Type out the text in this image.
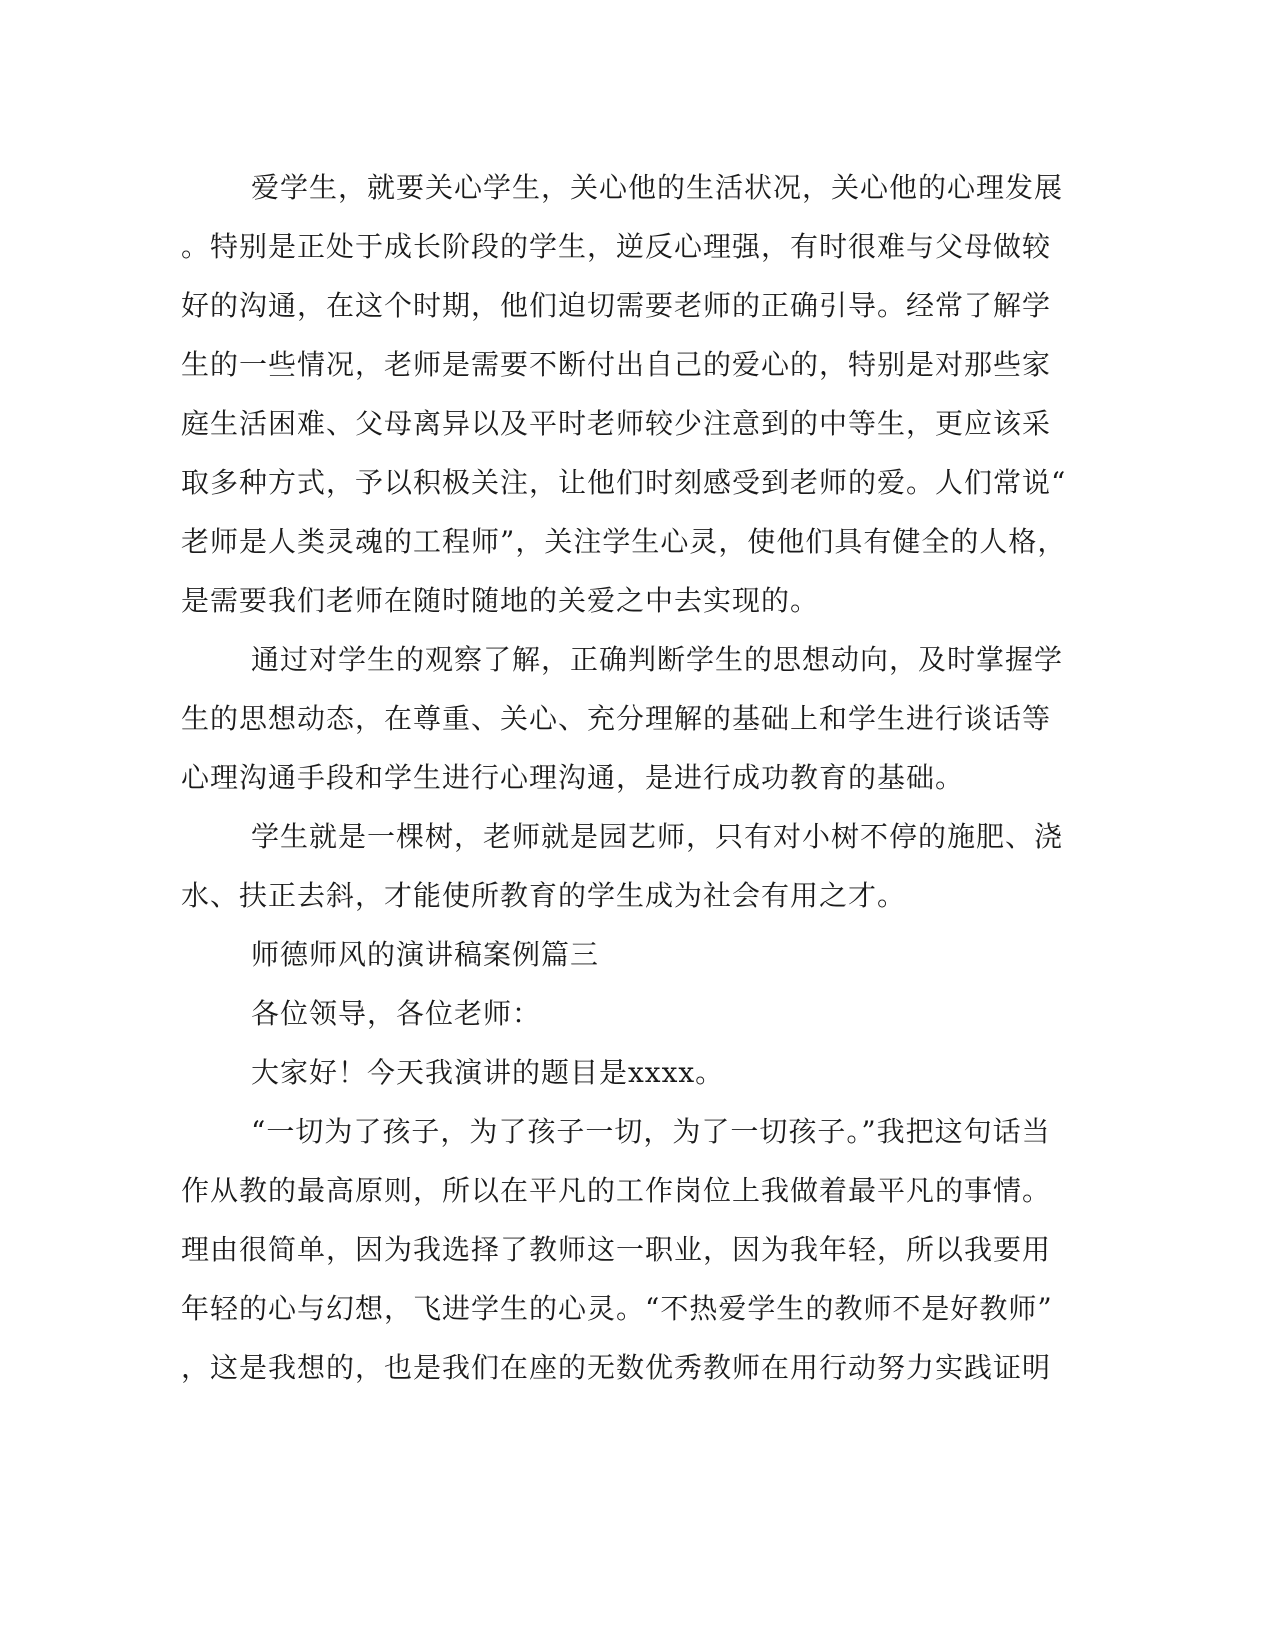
爱学生，就要关心学生，关心他的生活状况，关心他的心理发展
。特别是正处于成长阶段的学生，逆反心理强，有时很难与父母做较
好的沟通，在这个时期，他们迫切需要老师的正确引导。经常了解学
生的一些情况，老师是需要不断付出自己的爱心的，特别是对那些家
庭生活困难、父母离异以及平时老师较少注意到的中等生，更应该采
取多种方式，予以积极关注，让他们时刻感受到老师的爱。人们常说“
老师是人类灵魂的工程师”，关注学生心灵，使他们具有健全的人格，
是需要我们老师在随时随地的关爱之中去实现的。
通过对学生的观察了解，正确判断学生的思想动向，及时掌握学
生的思想动态，在尊重、关心、充分理解的基础上和学生进行谈话等
心理沟通手段和学生进行心理沟通，是进行成功教育的基础。
学生就是一棵树，老师就是园艺师，只有对小树不停的施肥、浇
水、扶正去斜，才能使所教育的学生成为社会有用之才。
师德师风的演讲稿案例篇三
各位领导，各位老师：
大家好！今天我演讲的题目是xxxx。
“一切为了孩子，为了孩子一切，为了一切孩子。”我把这句话当
作从教的最高原则，所以在平凡的工作岗位上我做着最平凡的事情。
理由很简单，因为我选择了教师这一职业，因为我年轻，所以我要用
年轻的心与幻想，飞进学生的心灵。“不热爱学生的教师不是好教师”
，这是我想的，也是我们在座的无数优秀教师在用行动努力实践证明
